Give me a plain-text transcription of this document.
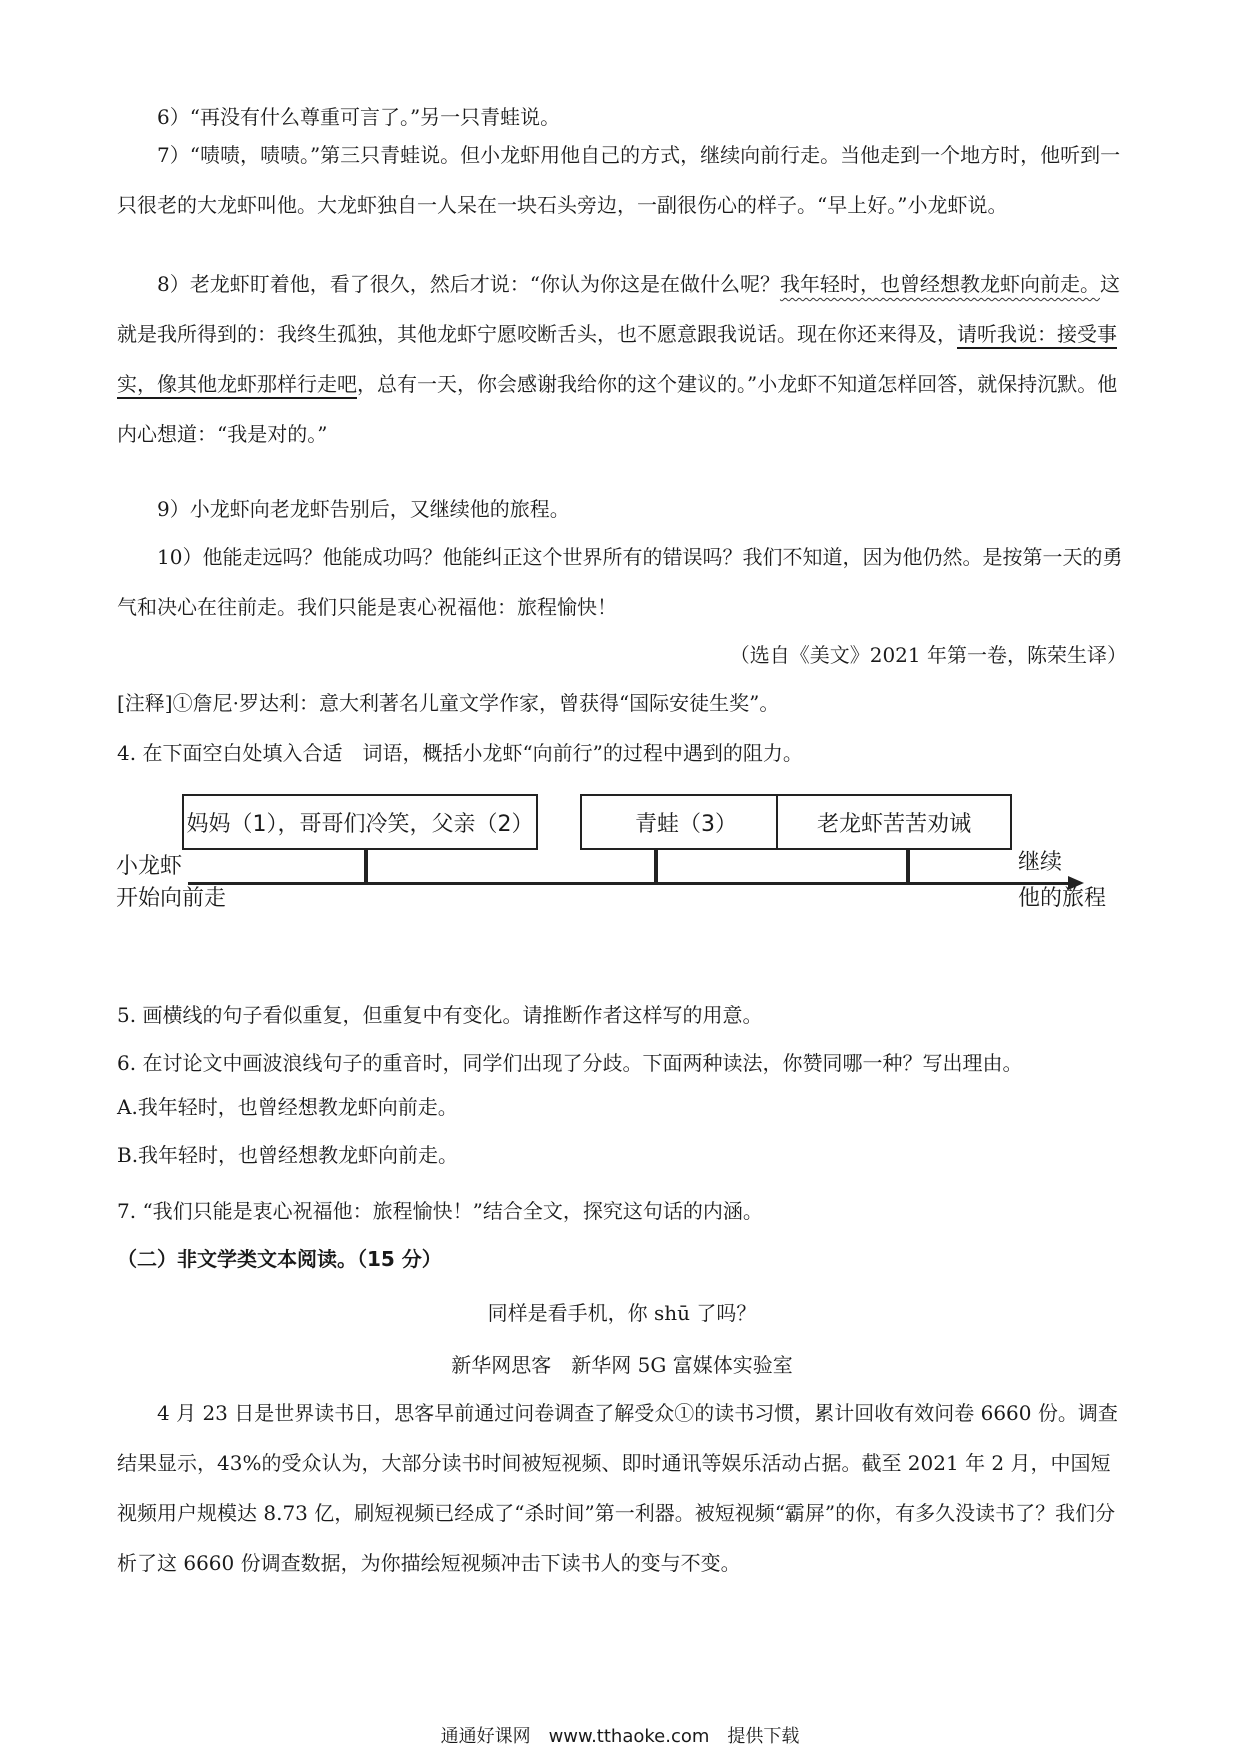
6）“再没有什么尊重可言了。”另一只青蛙说。

7）“啧啧，啧啧。”第三只青蛙说。但小龙虾用他自己的方式，继续向前行走。当他走到一个地方时，他听到一只很老的大龙虾叫他。大龙虾独自一人呆在一块石头旁边，一副很伤心的样子。“早上好。”小龙虾说。

8）老龙虾盯着他，看了很久，然后才说：“你认为你这是在做什么呢？我年轻时，也曾经想教龙虾向前走。这就是我所得到的：我终生孤独，其他龙虾宁愿咬断舌头，也不愿意跟我说话。现在你还来得及，请听我说：接受事实，像其他龙虾那样行走吧，总有一天，你会感谢我给你的这个建议的。”小龙虾不知道怎样回答，就保持沉默。他内心想道：“我是对的。”

9）小龙虾向老龙虾告别后，又继续他的旅程。

10）他能走远吗？他能成功吗？他能纠正这个世界所有的错误吗？我们不知道，因为他仍然。是按第一天的勇气和决心在往前走。我们只能是衷心祝福他：旅程愉快！

（选自《美文》2021 年第一卷，陈荣生译）

[注释]①詹尼·罗达利：意大利著名儿童文学作家，曾获得“国际安徒生奖”。

4. 在下面空白处填入合适　词语，概括小龙虾“向前行”的过程中遇到的阻力。

妈妈（1），哥哥们冷笑，父亲（2）	青蛙（3）	老龙虾苦苦劝诫
小龙虾
开始向前走
继续
他的旅程

5. 画横线的句子看似重复，但重复中有变化。请推断作者这样写的用意。

6. 在讨论文中画波浪线句子的重音时，同学们出现了分歧。下面两种读法，你赞同哪一种？写出理由。

A.我年轻时，也曾经想 ·教龙虾向前走。

B.我年轻时，也曾经想教 ·龙虾向前走。

7. “我们只能是衷心祝福他：旅程愉快！”结合全文，探究这句话的内涵。

（二）非文学类文本阅读。（15 分）

同样是看手机，你 shū 了吗？

新华网思客　新华网 5G 富媒体实验室

4 月 23 日是世界读书日，思客早前通过问卷调查了解受众①的读书习惯，累计回收有效问卷 6660 份。调查结果显示，43%的受众认为，大部分读书时间被短视频、即时通讯等娱乐活动占据。截至 2021 年 2 月，中国短视频用户规模达 8.73 亿，刷短视频已经成了“杀时间”第一利器。被短视频“霸屏”的你，有多久没读书了？我们分析了这 6660 份调查数据，为你描绘短视频冲击下读书人的变与不变。

通通好课网　www.tthaoke.com　提供下载
